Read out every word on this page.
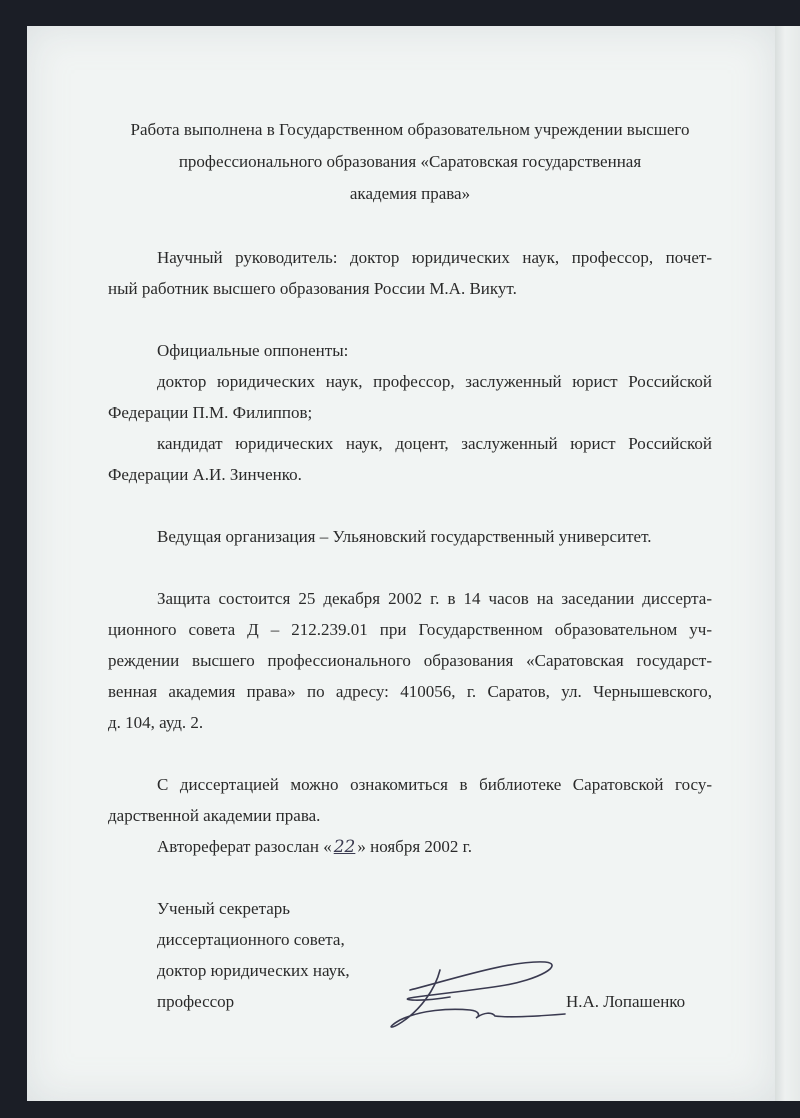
Работа выполнена в Государственном образовательном учреждении высшего
профессионального образования «Саратовская государственная
академия права»
Научный руководитель: доктор юридических наук, профессор, почет-
ный работник высшего образования России М.А. Викут.
Официальные оппоненты:
доктор юридических наук, профессор, заслуженный юрист Российской
Федерации П.М. Филиппов;
кандидат юридических наук, доцент, заслуженный юрист Российской
Федерации А.И. Зинченко.
Ведущая организация – Ульяновский государственный университет.
Защита состоится 25 декабря 2002 г. в 14 часов на заседании диссерта-
ционного совета Д – 212.239.01 при Государственном образовательном уч-
реждении высшего профессионального образования «Саратовская государст-
венная академия права» по адресу: 410056, г. Саратов, ул. Чернышевского,
д. 104, ауд. 2.
С диссертацией можно ознакомиться в библиотеке Саратовской госу-
дарственной академии права.
Автореферат разослан « 22 » ноября 2002 г.
Ученый секретарь
диссертационного совета,
доктор юридических наук,
профессор	Н.А. Лопашенко
